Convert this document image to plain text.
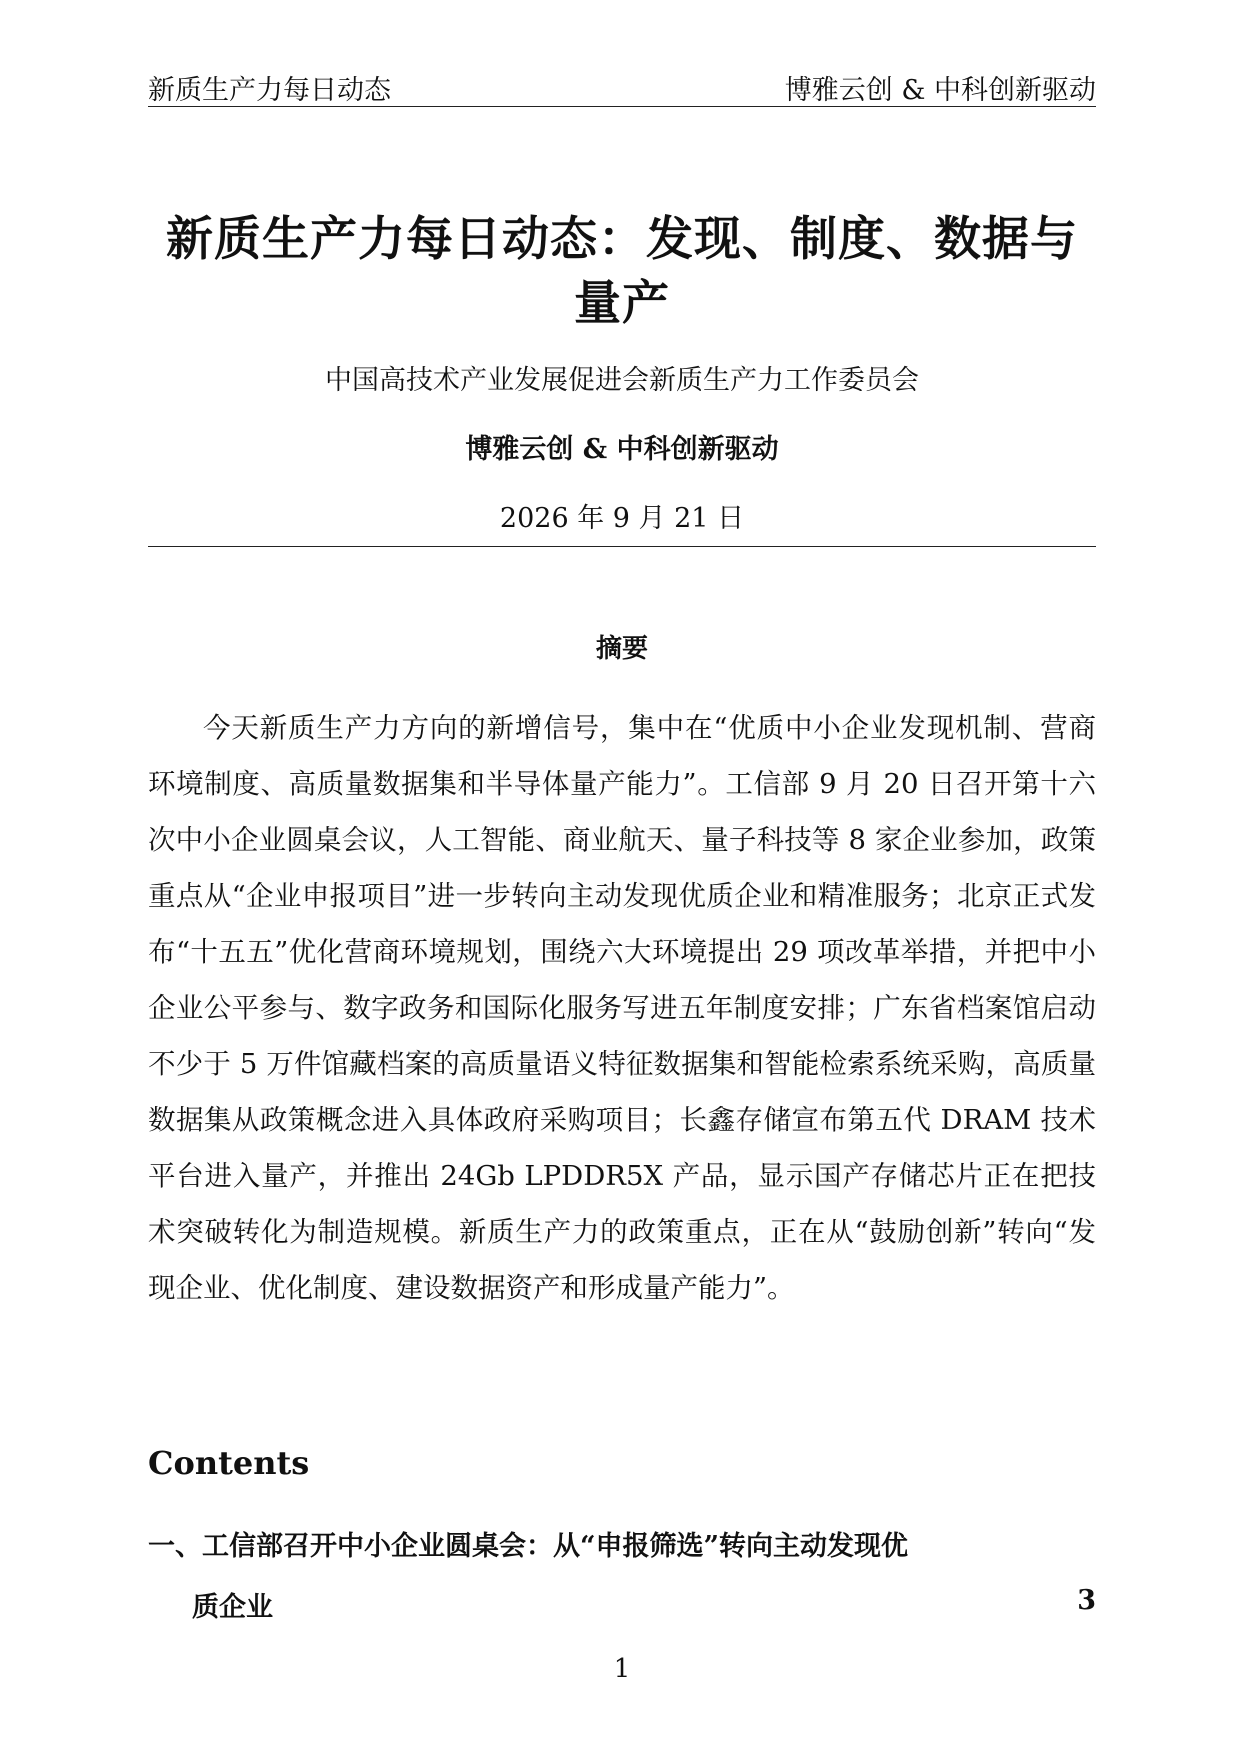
新质生产力每日动态	博雅云创 & 中科创新驱动
新质生产力每日动态：发现、制度、数据与量产
中国高技术产业发展促进会新质生产力工作委员会
博雅云创 & 中科创新驱动
2026 年 9 月 21 日
摘要

今天新质生产力方向的新增信号，集中在“优质中小企业发现机制、营商环境制度、高质量数据集和半导体量产能力”。工信部 9 月 20 日召开第十六次中小企业圆桌会议，人工智能、商业航天、量子科技等 8 家企业参加，政策重点从“企业申报项目”进一步转向主动发现优质企业和精准服务；北京正式发布“十五五”优化营商环境规划，围绕六大环境提出 29 项改革举措，并把中小企业公平参与、数字政务和国际化服务写进五年制度安排；广东省档案馆启动不少于 5 万件馆藏档案的高质量语义特征数据集和智能检索系统采购，高质量数据集从政策概念进入具体政府采购项目；长鑫存储宣布第五代 DRAM 技术平台进入量产，并推出 24Gb LPDDR5X 产品，显示国产存储芯片正在把技术突破转化为制造规模。新质生产力的政策重点，正在从“鼓励创新”转向“发现企业、优化制度、建设数据资产和形成量产能力”。

Contents
一、工信部召开中小企业圆桌会：从“申报筛选”转向主动发现优
质企业	3
1
